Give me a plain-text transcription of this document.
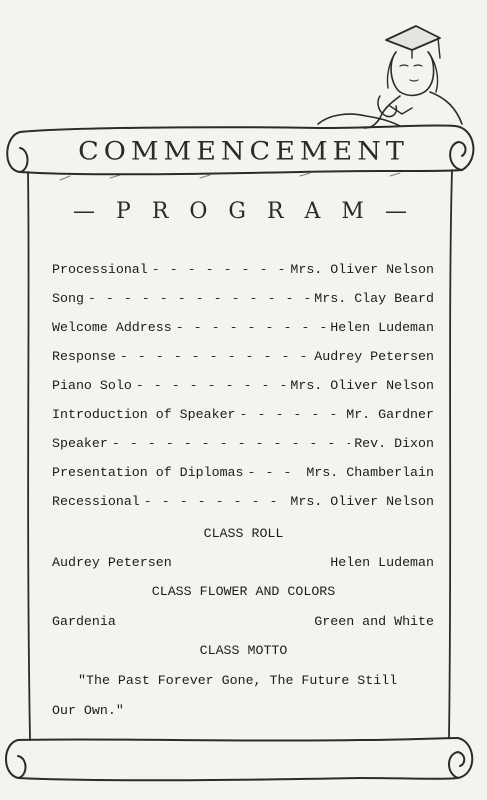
COMMENCEMENT
— P R O G R A M —
Processional - - -	Mrs. Oliver Nelson
Song - - -	Mrs. Clay Beard
Welcome Address - - -	Helen Ludeman
Response - - -	Audrey Petersen
Piano Solo - - -	Mrs. Oliver Nelson
Introduction of Speaker - - -	Mr. Gardner
Speaker - - -	Rev. Dixon
Presentation of Diplomas - - -	Mrs. Chamberlain
Recessional - - -	Mrs. Oliver Nelson
CLASS ROLL
Audrey Petersen	Helen Ludeman
CLASS FLOWER AND COLORS
Gardenia	Green and White
CLASS MOTTO
"The Past Forever Gone, The Future Still
Our Own."
